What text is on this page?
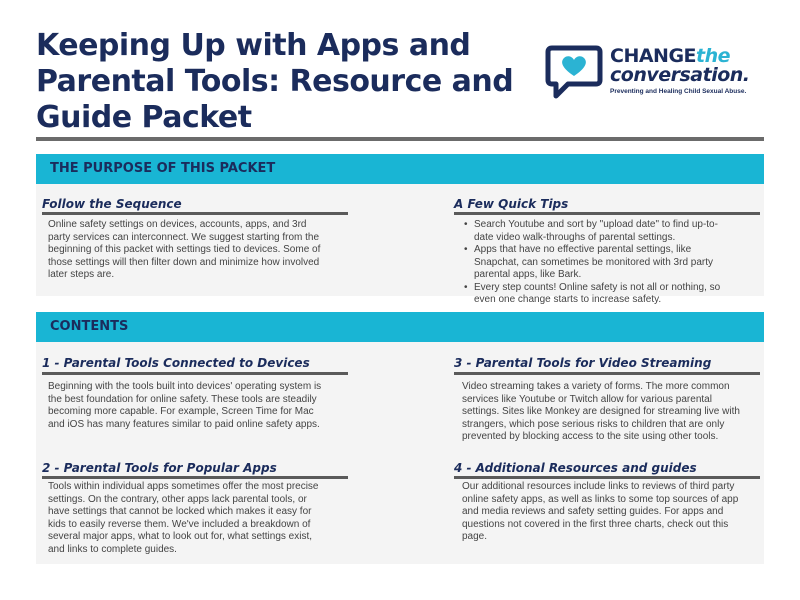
Keeping Up with Apps and Parental Tools: Resource and Guide Packet
CHANGEthe
conversation.
Preventing and Healing Child Sexual Abuse.
THE PURPOSE OF THIS PACKET
Follow the Sequence

Online safety settings on devices, accounts, apps, and 3rd party services can interconnect. We suggest starting from the beginning of this packet with settings tied to devices. Some of those settings will then filter down and minimize how involved later steps are.

A Few Quick Tips
• Search Youtube and sort by "upload date" to find up-to-date video walk-throughs of parental settings.
• Apps that have no effective parental settings, like Snapchat, can sometimes be monitored with 3rd party parental apps, like Bark.
• Every step counts! Online safety is not all or nothing, so even one change starts to increase safety.
CONTENTS
1 - Parental Tools Connected to Devices

Beginning with the tools built into devices' operating system is the best foundation for online safety. These tools are steadily becoming more capable. For example, Screen Time for Mac and iOS has many features similar to paid online safety apps.

2 - Parental Tools for Popular Apps

Tools within individual apps sometimes offer the most precise settings. On the contrary, other apps lack parental tools, or have settings that cannot be locked which makes it easy for kids to easily reverse them. We've included a breakdown of several major apps, what to look out for, what settings exist, and links to complete guides.

3 - Parental Tools for Video Streaming

Video streaming takes a variety of forms. The more common services like Youtube or Twitch allow for various parental settings. Sites like Monkey are designed for streaming live with strangers, which pose serious risks to children that are only prevented by blocking access to the site using other tools.

4 - Additional Resources and guides

Our additional resources include links to reviews of third party online safety apps, as well as links to some top sources of app and media reviews and safety setting guides. For apps and questions not covered in the first three charts, check out this page.
